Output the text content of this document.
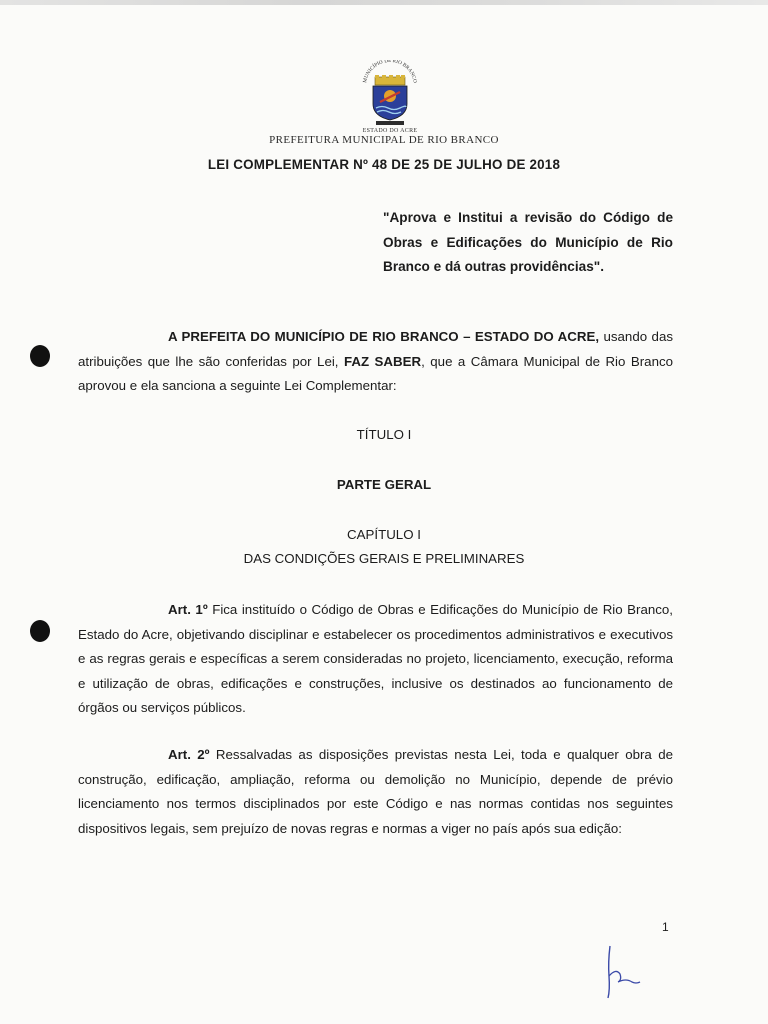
MUNICÍPIO DE RIO BRANCO
ESTADO DO ACRE
PREFEITURA MUNICIPAL DE RIO BRANCO
LEI COMPLEMENTAR Nº 48 DE 25 DE JULHO DE 2018
"Aprova e Institui a revisão do Código de Obras e Edificações do Município de Rio Branco e dá outras providências".
A PREFEITA DO MUNICÍPIO DE RIO BRANCO – ESTADO DO ACRE, usando das atribuições que lhe são conferidas por Lei, FAZ SABER, que a Câmara Municipal de Rio Branco aprovou e ela sanciona a seguinte Lei Complementar:
TÍTULO I
PARTE GERAL
CAPÍTULO I
DAS CONDIÇÕES GERAIS E PRELIMINARES
Art. 1º Fica instituído o Código de Obras e Edificações do Município de Rio Branco, Estado do Acre, objetivando disciplinar e estabelecer os procedimentos administrativos e executivos e as regras gerais e específicas a serem consideradas no projeto, licenciamento, execução, reforma e utilização de obras, edificações e construções, inclusive os destinados ao funcionamento de órgãos ou serviços públicos.
Art. 2º Ressalvadas as disposições previstas nesta Lei, toda e qualquer obra de construção, edificação, ampliação, reforma ou demolição no Município, depende de prévio licenciamento nos termos disciplinados por este Código e nas normas contidas nos seguintes dispositivos legais, sem prejuízo de novas regras e normas a viger no país após sua edição:
1
